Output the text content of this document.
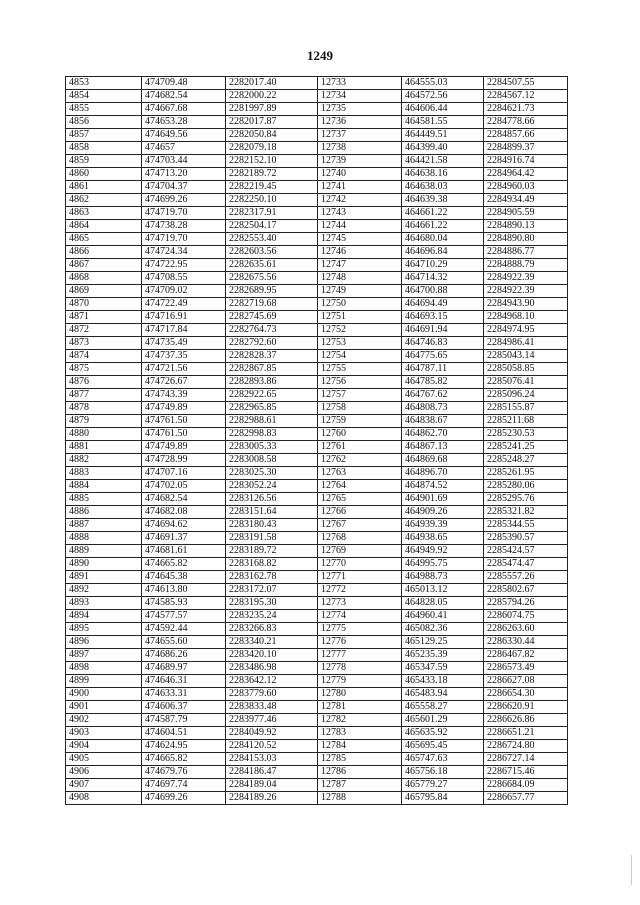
1249
4853	474709.48	2282017.40	12733	464555.03	2284507.55
4854	474682.54	2282000.22	12734	464572.56	2284567.12
4855	474667.68	2281997.89	12735	464606.44	2284621.73
4856	474653.28	2282017.87	12736	464581.55	2284778.66
4857	474649.56	2282050.84	12737	464449.51	2284857.66
4858	474657	2282079.18	12738	464399.40	2284899.37
4859	474703.44	2282152.10	12739	464421.58	2284916.74
4860	474713.20	2282189.72	12740	464638.16	2284964.42
4861	474704.37	2282219.45	12741	464638.03	2284960.03
4862	474699.26	2282250.10	12742	464639.38	2284934.49
4863	474719.70	2282317.91	12743	464661.22	2284905.59
4864	474738.28	2282504.17	12744	464661.22	2284890.13
4865	474719.70	2282553.40	12745	464680.04	2284890.80
4866	474724.34	2282603.56	12746	464696.84	2284886.77
4867	474722.95	2282635.61	12747	464710.29	2284888.79
4868	474708.55	2282675.56	12748	464714.32	2284922.39
4869	474709.02	2282689.95	12749	464700.88	2284922.39
4870	474722.49	2282719.68	12750	464694.49	2284943.90
4871	474716.91	2282745.69	12751	464693.15	2284968.10
4872	474717.84	2282764.73	12752	464691.94	2284974.95
4873	474735.49	2282792.60	12753	464746.83	2284986.41
4874	474737.35	2282828.37	12754	464775.65	2285043.14
4875	474721.56	2282867.85	12755	464787.11	2285058.85
4876	474726.67	2282893.86	12756	464785.82	2285076.41
4877	474743.39	2282922.65	12757	464767.62	2285096.24
4878	474749.89	2282965.85	12758	464808.73	2285155.87
4879	474761.50	2282988.61	12759	464838.67	2285211.68
4880	474761.50	2282998.83	12760	464862.70	2285230.53
4881	474749.89	2283005.33	12761	464867.13	2285241.25
4882	474728.99	2283008.58	12762	464869.68	2285248.27
4883	474707.16	2283025.30	12763	464896.70	2285261.95
4884	474702.05	2283052.24	12764	464874.52	2285280.06
4885	474682.54	2283126.56	12765	464901.69	2285295.76
4886	474682.08	2283151.64	12766	464909.26	2285321.82
4887	474694.62	2283180.43	12767	464939.39	2285344.55
4888	474691.37	2283191.58	12768	464938.65	2285390.57
4889	474681.61	2283189.72	12769	464949.92	2285424.57
4890	474665.82	2283168.82	12770	464995.75	2285474.47
4891	474645.38	2283162.78	12771	464988.73	2285557.26
4892	474613.80	2283172.07	12772	465013.12	2285802.67
4893	474585.93	2283195.30	12773	464828.05	2285794.26
4894	474577.57	2283235.24	12774	464960.41	2286074.75
4895	474592.44	2283266.83	12775	465082.36	2286263.60
4896	474655.60	2283340.21	12776	465129.25	2286330.44
4897	474686.26	2283420.10	12777	465235.39	2286467.82
4898	474689.97	2283486.98	12778	465347.59	2286573.49
4899	474646.31	2283642.12	12779	465433.18	2286627.08
4900	474633.31	2283779.60	12780	465483.94	2286654.30
4901	474606.37	2283833.48	12781	465558.27	2286620.91
4902	474587.79	2283977.46	12782	465601.29	2286626.86
4903	474604.51	2284049.92	12783	465635.92	2286651.21
4904	474624.95	2284120.52	12784	465695.45	2286724.80
4905	474665.82	2284153.03	12785	465747.63	2286727.14
4906	474679.76	2284186.47	12786	465756.18	2286715.46
4907	474697.74	2284189.04	12787	465779.27	2286684.09
4908	474699.26	2284189.26	12788	465795.84	2286657.77
